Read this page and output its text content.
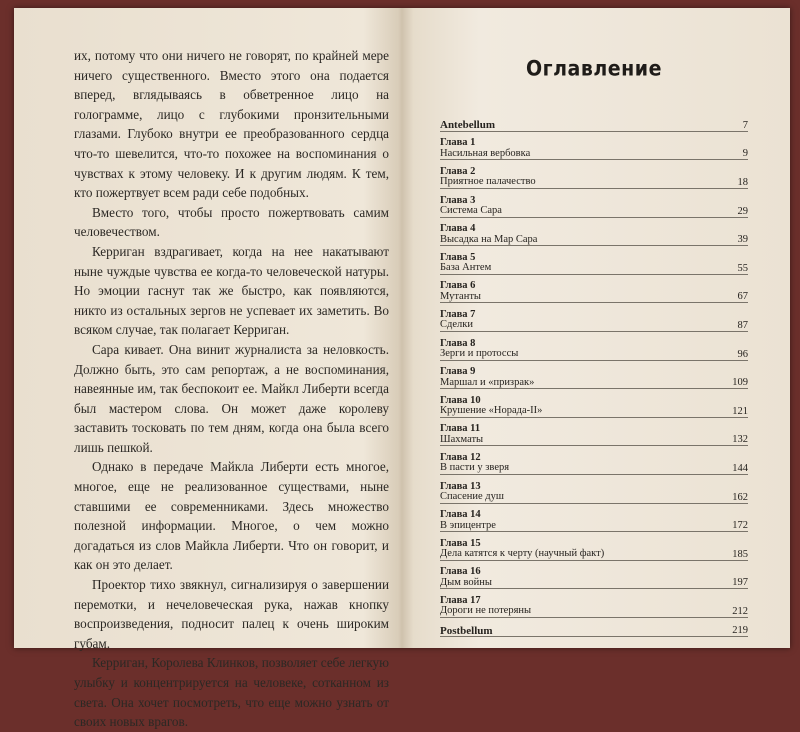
их, потому что они ничего не говорят, по крайней мере ничего существенного. Вместо этого она подается вперед, вглядываясь в обветренное лицо на голограмме, лицо с глубокими пронзительными глазами. Глубоко внутри ее преобразованного сердца что-то шевелится, что-то похожее на воспоминания о чувствах к этому человеку. И к другим людям. К тем, кто пожертвует всем ради себе подобных.

Вместо того, чтобы просто пожертвовать самим человечеством.

Керриган вздрагивает, когда на нее накатывают ныне чуждые чувства ее когда-то человеческой натуры. Но эмоции гаснут так же быстро, как появляются, никто из остальных зергов не успевает их заметить. Во всяком случае, так полагает Керриган.

Сара кивает. Она винит журналиста за неловкость. Должно быть, это сам репортаж, а не воспоминания, навеянные им, так беспокоит ее. Майкл Либерти всегда был мастером слова. Он может даже королеву заставить тосковать по тем дням, когда она была всего лишь пешкой.

Однако в передаче Майкла Либерти есть многое, многое, еще не реализованное существами, ныне ставшими ее современниками. Здесь множество полезной информации. Многое, о чем можно догадаться из слов Майкла Либерти. Что он говорит, и как он это делает.

Проектор тихо звякнул, сигнализируя о завершении перемотки, и нечеловеческая рука, нажав кнопку воспроизведения, подносит палец к очень широким губам.

Керриган, Королева Клинков, позволяет себе легкую улыбку и концентрируется на человеке, сотканном из света. Она хочет посмотреть, что еще можно узнать от своих новых врагов.

Оглавление
Antebellum	7

Глава 1
Насильная вербовка	9

Глава 2
Приятное палачество	18

Глава 3
Система Сара	29

Глава 4
Высадка на Мар Сара	39

Глава 5
База Антем	55

Глава 6
Мутанты	67

Глава 7
Сделки	87

Глава 8
Зерги и протоссы	96

Глава 9
Маршал и «призрак»	109

Глава 10
Крушение «Норада-II»	121

Глава 11
Шахматы	132

Глава 12
В пасти у зверя	144

Глава 13
Спасение душ	162

Глава 14
В эпицентре	172

Глава 15
Дела катятся к черту (научный факт)	185

Глава 16
Дым войны	197

Глава 17
Дороги не потеряны	212

Postbellum	219
